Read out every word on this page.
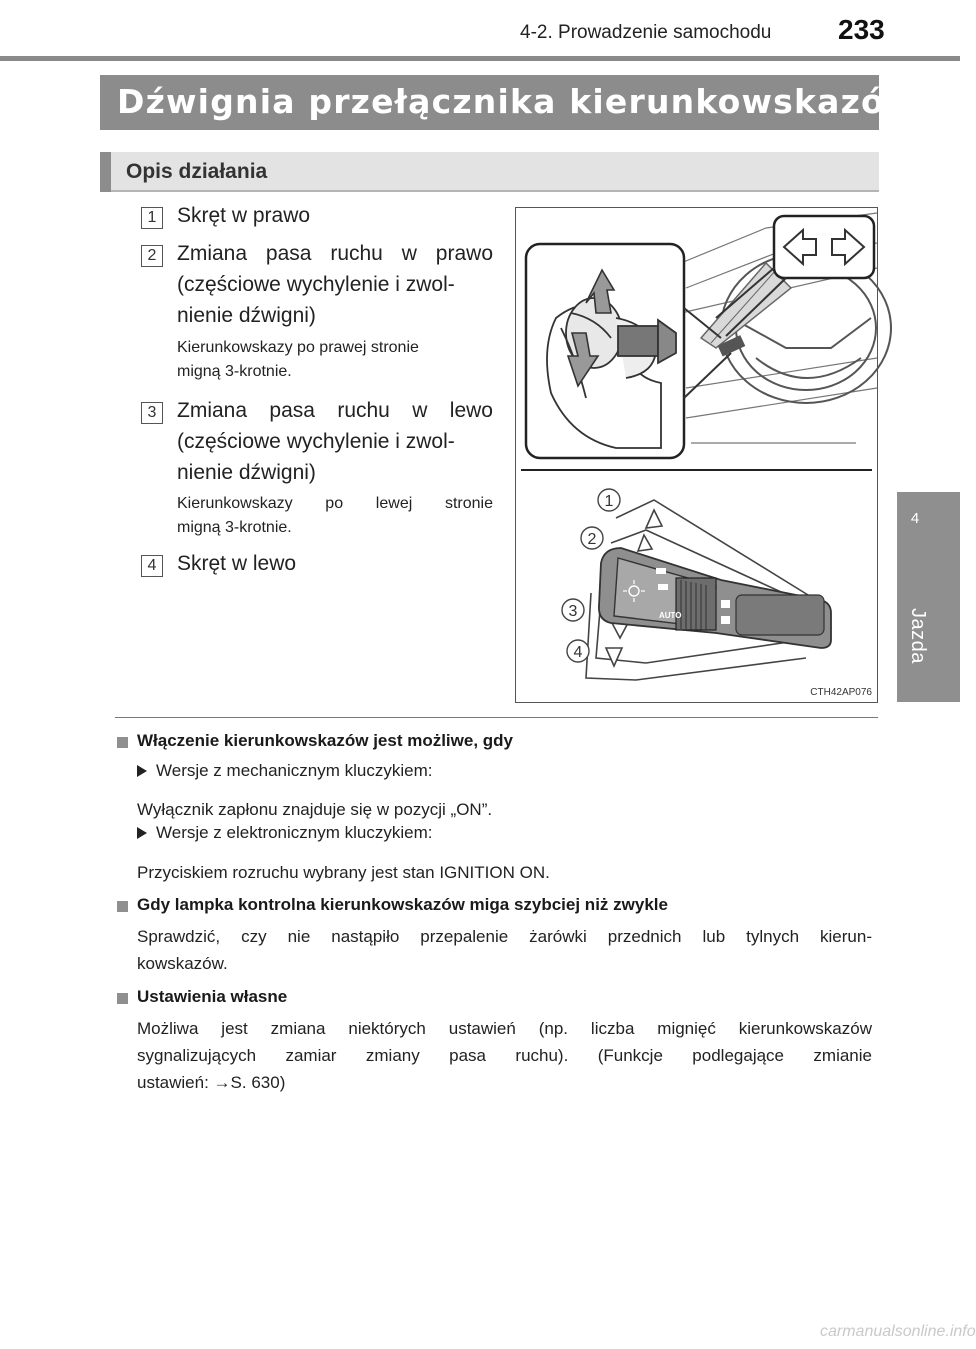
4-2. Prowadzenie samochodu 233
4
Jazda
Dźwignia przełącznika kierunkowskazów
Opis działania
1 Skręt w prawo
2 Zmiana pasa ruchu w prawo
(częściowe wychylenie i zwol-
nienie dźwigni)
Kierunkowskazy po prawej stronie
migną 3-krotnie.
3 Zmiana pasa ruchu w lewo
(częściowe wychylenie i zwol-
nienie dźwigni)
Kierunkowskazy po lewej stronie
migną 3-krotnie.
4 Skręt w lewo
AUTO
1
2
3
4
CTH42AP076
Włączenie kierunkowskazów jest możliwe, gdy
Wersje z mechanicznym kluczykiem:
Wyłącznik zapłonu znajduje się w pozycji „ON”.
Wersje z elektronicznym kluczykiem:
Przyciskiem rozruchu wybrany jest stan IGNITION ON.
Gdy lampka kontrolna kierunkowskazów miga szybciej niż zwykle
Sprawdzić, czy nie nastąpiło przepalenie żarówki przednich lub tylnych kierun-
kowskazów.
Ustawienia własne
Możliwa jest zmiana niektórych ustawień (np. liczba mignięć kierunkowskazów
sygnalizujących zamiar zmiany pasa ruchu). (Funkcje podlegające zmianie
ustawień: →S. 630)
carmanualsonline.info
